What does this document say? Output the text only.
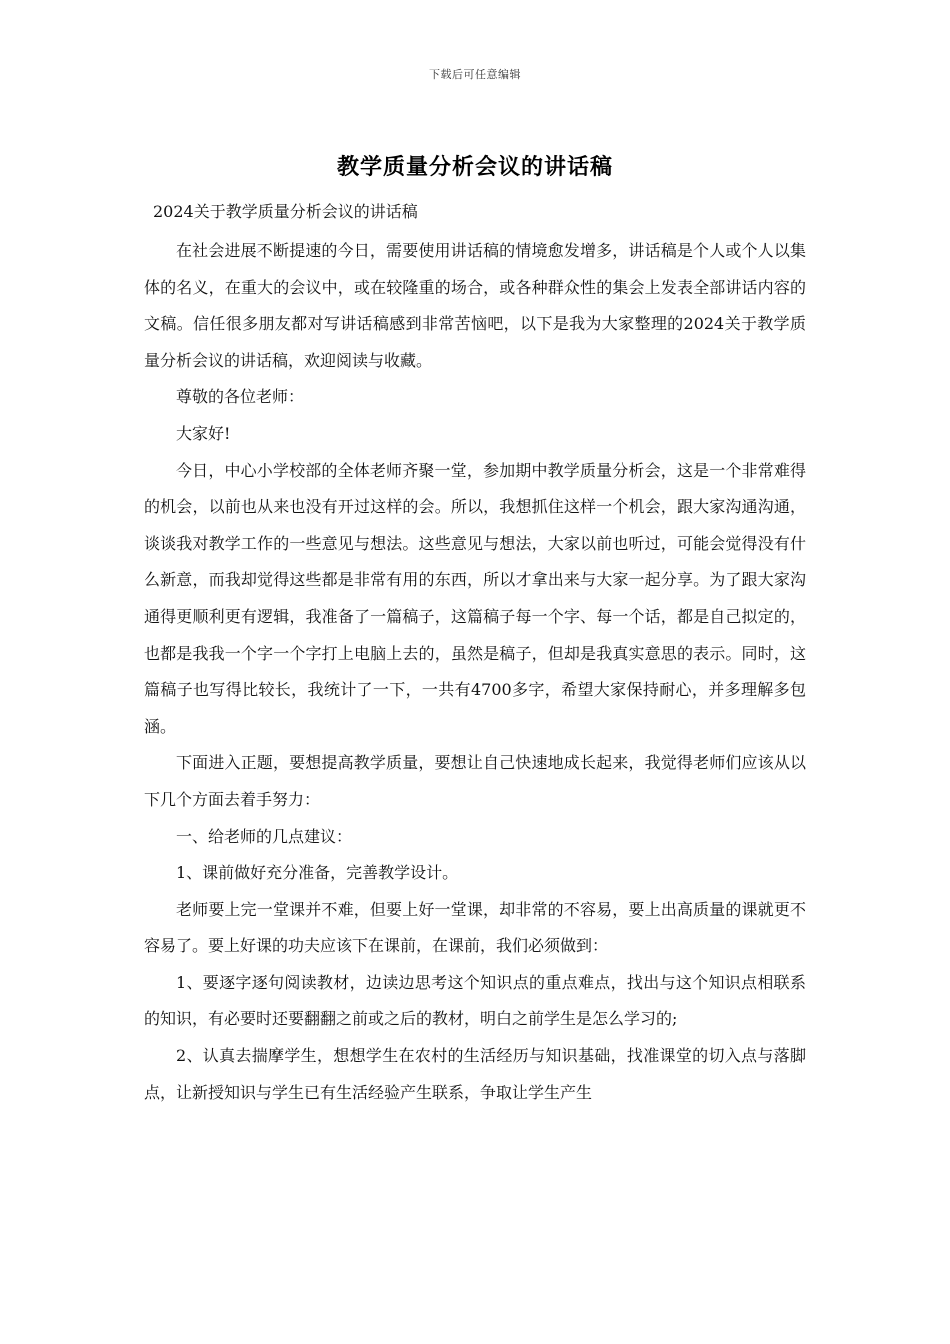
下载后可任意编辑
教学质量分析会议的讲话稿

2024关于教学质量分析会议的讲话稿

在社会进展不断提速的今日，需要使用讲话稿的情境愈发增多，讲话稿是个人或个人以集体的名义，在重大的会议中，或在较隆重的场合，或各种群众性的集会上发表全部讲话内容的文稿。信任很多朋友都对写讲话稿感到非常苦恼吧，以下是我为大家整理的2024关于教学质量分析会议的讲话稿，欢迎阅读与收藏。

尊敬的各位老师：

大家好!

今日，中心小学校部的全体老师齐聚一堂，参加期中教学质量分析会，这是一个非常难得的机会，以前也从来也没有开过这样的会。所以，我想抓住这样一个机会，跟大家沟通沟通，谈谈我对教学工作的一些意见与想法。这些意见与想法，大家以前也听过，可能会觉得没有什么新意，而我却觉得这些都是非常有用的东西，所以才拿出来与大家一起分享。为了跟大家沟通得更顺利更有逻辑，我准备了一篇稿子，这篇稿子每一个字、每一个话，都是自己拟定的，也都是我我一个字一个字打上电脑上去的，虽然是稿子，但却是我真实意思的表示。同时，这篇稿子也写得比较长，我统计了一下，一共有4700多字，希望大家保持耐心，并多理解多包涵。

下面进入正题，要想提高教学质量，要想让自己快速地成长起来，我觉得老师们应该从以下几个方面去着手努力：

一、给老师的几点建议：

1、课前做好充分准备，完善教学设计。

老师要上完一堂课并不难，但要上好一堂课，却非常的不容易，要上出高质量的课就更不容易了。要上好课的功夫应该下在课前，在课前，我们必须做到：

1、要逐字逐句阅读教材，边读边思考这个知识点的重点难点，找出与这个知识点相联系的知识，有必要时还要翻翻之前或之后的教材，明白之前学生是怎么学习的;

2、认真去揣摩学生，想想学生在农村的生活经历与知识基础，找准课堂的切入点与落脚点，让新授知识与学生已有生活经验产生联系，争取让学生产生
